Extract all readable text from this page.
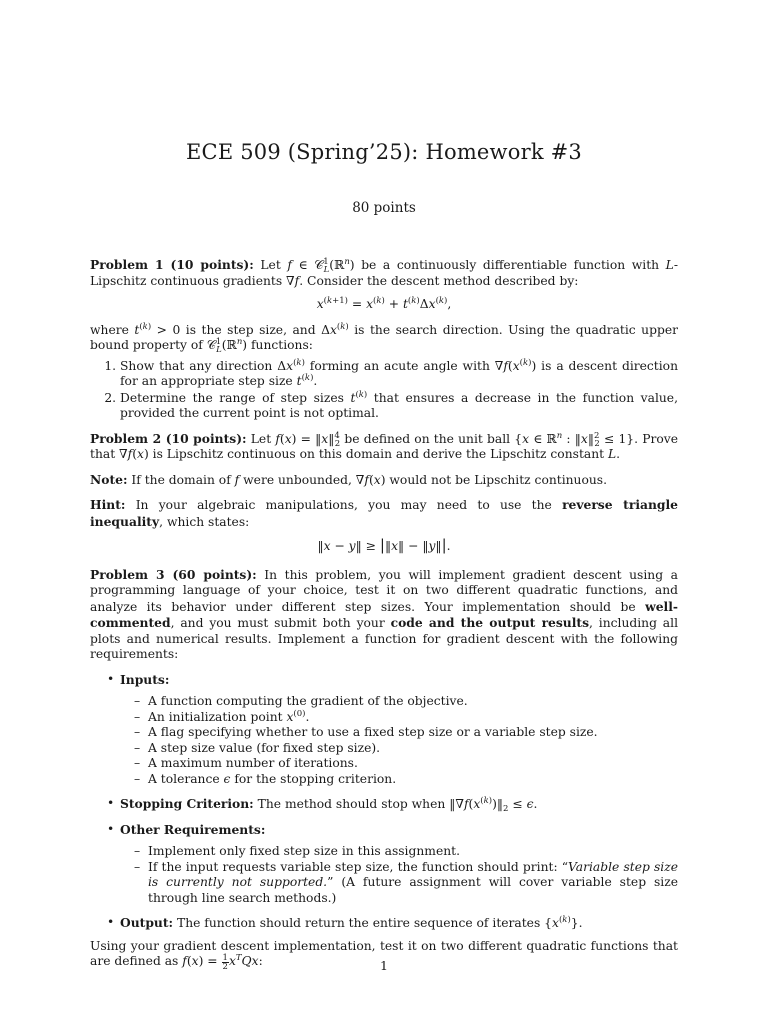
ECE 509 (Spring’25): Homework #3
80 points

Problem 1 (10 points): Let f ∈ 𝒞$^1_L$(ℝ$^n$) be a continuously differentiable function with L-Lipschitz continuous gradients ∇f. Consider the descent method described by:

$x^{(k+1)} = x^{(k)} + t^{(k)}\Delta x^{(k)}$,

where $t^{(k)} > 0$ is the step size, and $\Delta x^{(k)}$ is the search direction. Using the quadratic upper bound property of 𝒞$^1_L$(ℝ$^n$) functions:

1. Show that any direction $\Delta x^{(k)}$ forming an acute angle with $\nabla f(x^{(k)})$ is a descent direction for an appropriate step size $t^{(k)}$.
2. Determine the range of step sizes $t^{(k)}$ that ensures a decrease in the function value, provided the current point is not optimal.

Problem 2 (10 points): Let f(x) = ‖x‖$^4_2$ be defined on the unit ball {x ∈ ℝ$^n$ : ‖x‖$^2_2$ ≤ 1}. Prove that ∇f(x) is Lipschitz continuous on this domain and derive the Lipschitz constant L.

Note: If the domain of f were unbounded, ∇f(x) would not be Lipschitz continuous.

Hint: In your algebraic manipulations, you may need to use the reverse triangle inequality, which states:

‖x − y‖ ≥ |‖x‖ − ‖y‖|.

Problem 3 (60 points): In this problem, you will implement gradient descent using a programming language of your choice, test it on two different quadratic functions, and analyze its behavior under different step sizes. Your implementation should be well-commented, and you must submit both your code and the output results, including all plots and numerical results. Implement a function for gradient descent with the following requirements:

• Inputs:
– A function computing the gradient of the objective.
– An initialization point $x^{(0)}$.
– A flag specifying whether to use a fixed step size or a variable step size.
– A step size value (for fixed step size).
– A maximum number of iterations.
– A tolerance ϵ for the stopping criterion.
• Stopping Criterion: The method should stop when $‖\nabla f(x^{(k)})‖_2 \le \epsilon$.
• Other Requirements:
– Implement only fixed step size in this assignment.
– If the input requests variable step size, the function should print: “Variable step size is currently not supported.” (A future assignment will cover variable step size through line search methods.)
• Output: The function should return the entire sequence of iterates $\{x^{(k)}\}$.

Using your gradient descent implementation, test it on two different quadratic functions that are defined as $f(x) = \frac{1}{2} x^TQx$:	1
